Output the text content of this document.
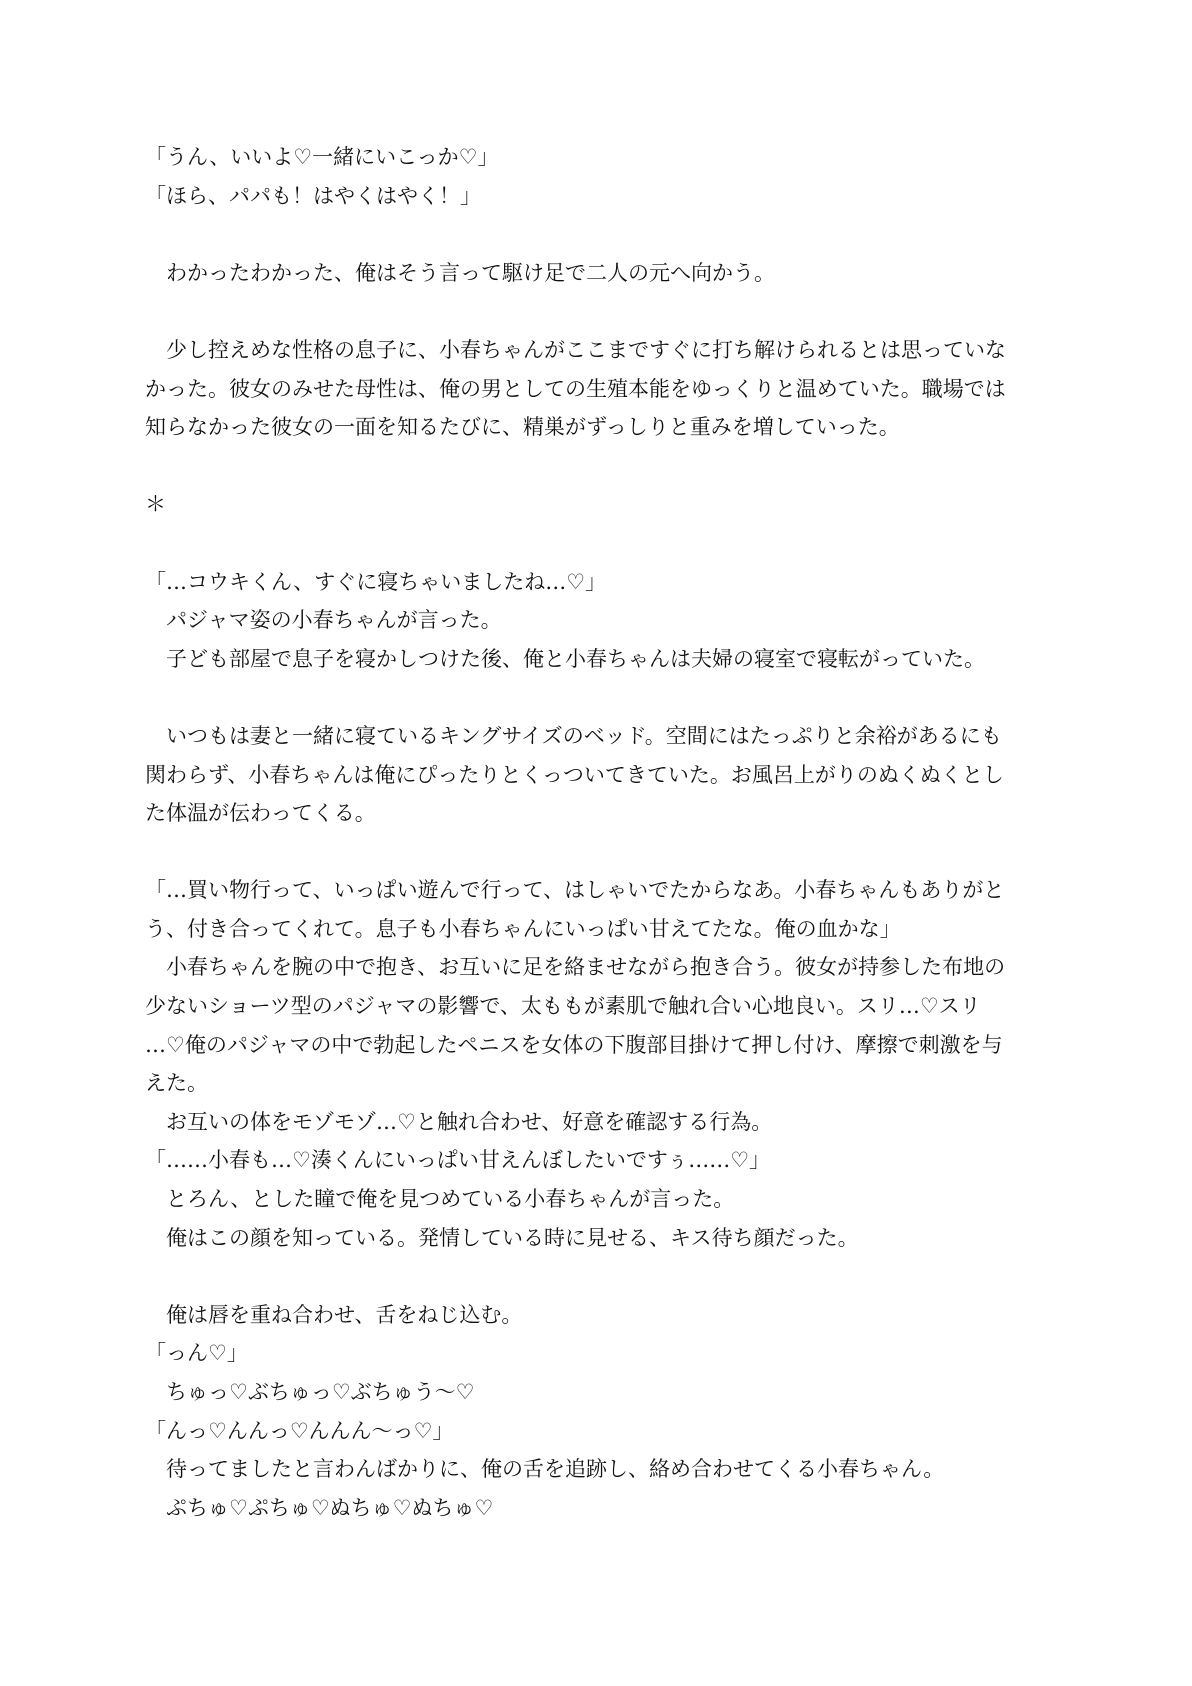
「うん、いいよ♡一緒にいこっか♡」
「ほら、パパも！はやくはやく！」
　わかったわかった、俺はそう言って駆け足で二人の元へ向かう。
　少し控えめな性格の息子に、小春ちゃんがここまですぐに打ち解けられるとは思っていな
かった。彼女のみせた母性は、俺の男としての生殖本能をゆっくりと温めていた。職場では
知らなかった彼女の一面を知るたびに、精巣がずっしりと重みを増していった。
＊
「…コウキくん、すぐに寝ちゃいましたね…♡」
　パジャマ姿の小春ちゃんが言った。
　子ども部屋で息子を寝かしつけた後、俺と小春ちゃんは夫婦の寝室で寝転がっていた。
　いつもは妻と一緒に寝ているキングサイズのベッド。空間にはたっぷりと余裕があるにも
関わらず、小春ちゃんは俺にぴったりとくっついてきていた。お風呂上がりのぬくぬくとし
た体温が伝わってくる。
「…買い物行って、いっぱい遊んで行って、はしゃいでたからなあ。小春ちゃんもありがと
う、付き合ってくれて。息子も小春ちゃんにいっぱい甘えてたな。俺の血かな」
　小春ちゃんを腕の中で抱き、お互いに足を絡ませながら抱き合う。彼女が持参した布地の
少ないショーツ型のパジャマの影響で、太ももが素肌で触れ合い心地良い。スリ…♡スリ
…♡俺のパジャマの中で勃起したペニスを女体の下腹部目掛けて押し付け、摩擦で刺激を与
えた。
　お互いの体をモゾモゾ…♡と触れ合わせ、好意を確認する行為。
「……小春も…♡湊くんにいっぱい甘えんぼしたいですぅ……♡」
　とろん、とした瞳で俺を見つめている小春ちゃんが言った。
　俺はこの顔を知っている。発情している時に見せる、キス待ち顔だった。
　俺は唇を重ね合わせ、舌をねじ込む。
「っん♡」
　ちゅっ♡ぶちゅっ♡ぶちゅう〜♡
「んっ♡んんっ♡んんん〜っ♡」
　待ってましたと言わんばかりに、俺の舌を追跡し、絡め合わせてくる小春ちゃん。
　ぷちゅ♡ぷちゅ♡ぬちゅ♡ぬちゅ♡
